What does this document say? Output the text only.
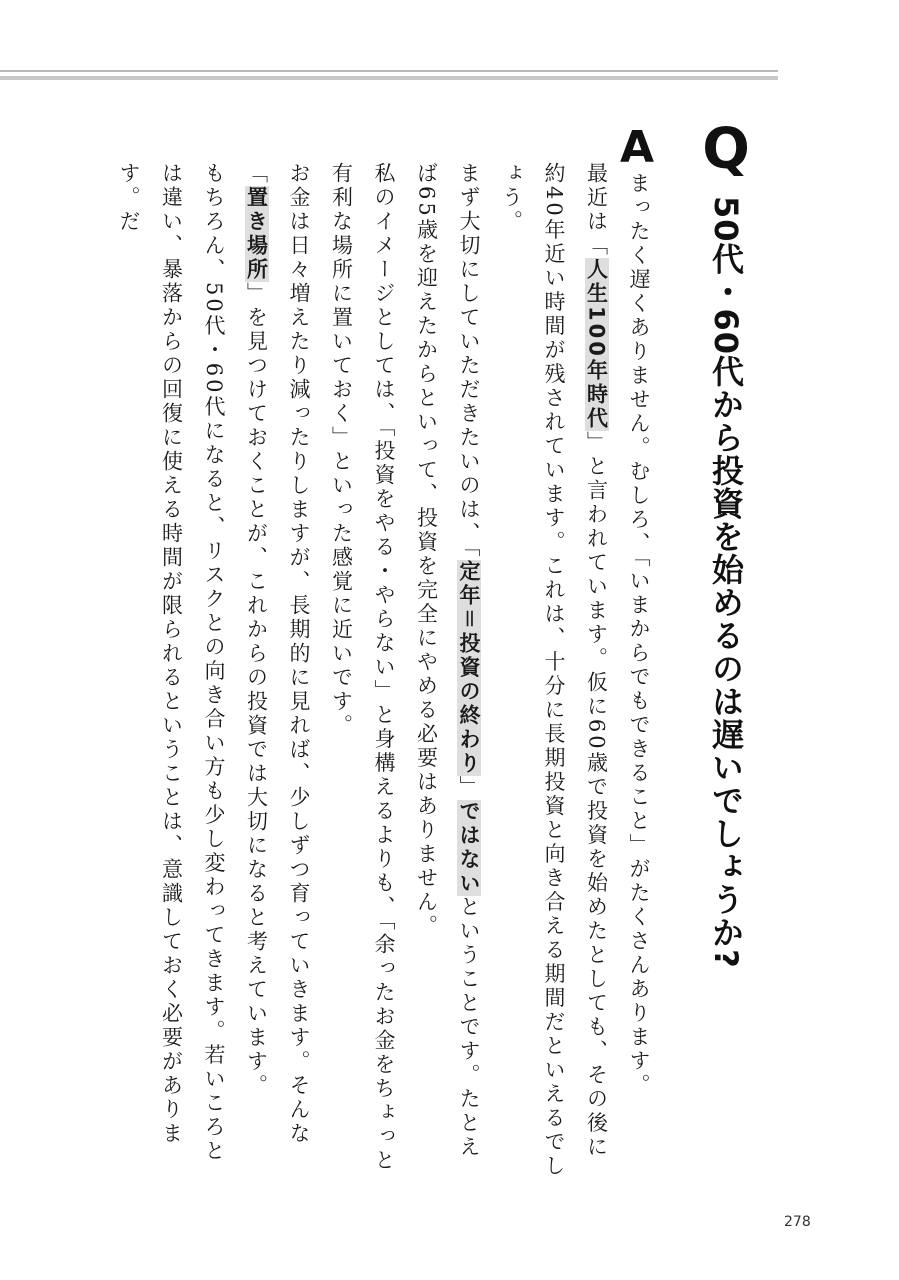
Q
50代・60代から投資を始めるのは遅いでしょうか?
A

まったく遅くありません。むしろ、「いまからでもできること」がたくさんあります。

最近は「人生100年時代」と言われています。仮に60歳で投資を始めたとしても、その後に約40年近い時間が残されています。これは、十分に長期投資と向き合える期間だといえるでしょう。

まず大切にしていただきたいのは、「定年＝投資の終わり」ではないということです。たとえば65歳を迎えたからといって、投資を完全にやめる必要はありません。

私のイメージとしては、「投資をやる・やらない」と身構えるよりも、「余ったお金をちょっと有利な場所に置いておく」といった感覚に近いです。

お金は日々増えたり減ったりしますが、長期的に見れば、少しずつ育っていきます。そんな「置き場所」を見つけておくことが、これからの投資では大切になると考えています。

もちろん、50代・60代になると、リスクとの向き合い方も少し変わってきます。若いころとは違い、暴落からの回復に使える時間が限られるということは、意識しておく必要があります。だ

278
